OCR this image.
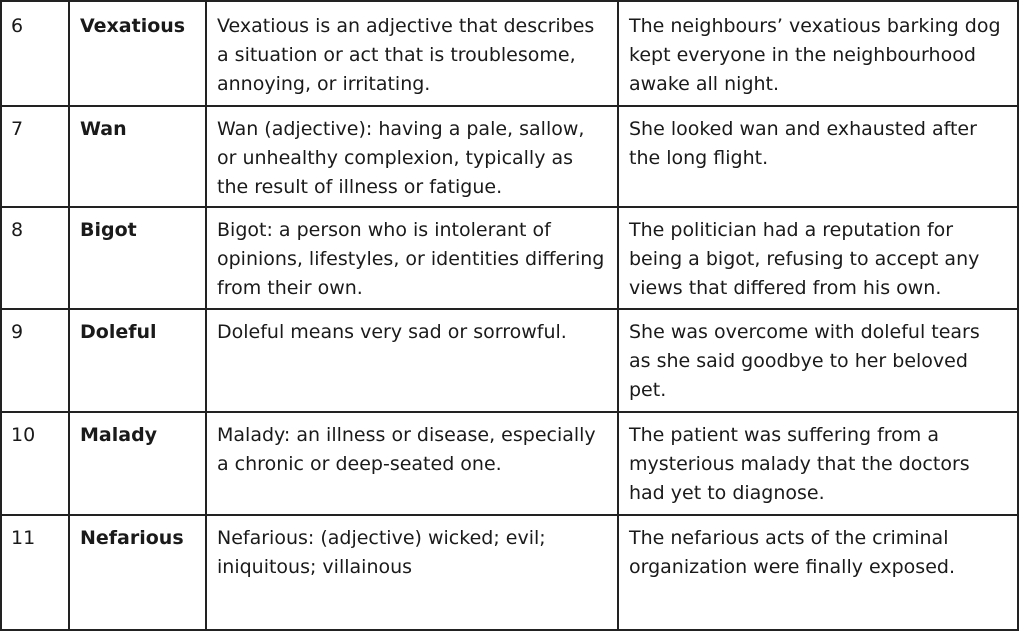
6	Vexatious	Vexatious is an adjective that describes a situation or act that is troublesome, annoying, or irritating.	The neighbours’ vexatious barking dog kept everyone in the neighbourhood awake all night.
7	Wan	Wan (adjective): having a pale, sallow, or unhealthy complexion, typically as the result of illness or fatigue.	She looked wan and exhausted after the long flight.
8	Bigot	Bigot: a person who is intolerant of opinions, lifestyles, or identities differing from their own.	The politician had a reputation for being a bigot, refusing to accept any views that differed from his own.
9	Doleful	Doleful means very sad or sorrowful.	She was overcome with doleful tears as she said goodbye to her beloved pet.
10	Malady	Malady: an illness or disease, especially a chronic or deep-seated one.	The patient was suffering from a mysterious malady that the doctors had yet to diagnose.
11	Nefarious	Nefarious: (adjective) wicked; evil; iniquitous; villainous	The nefarious acts of the criminal organization were finally exposed.
